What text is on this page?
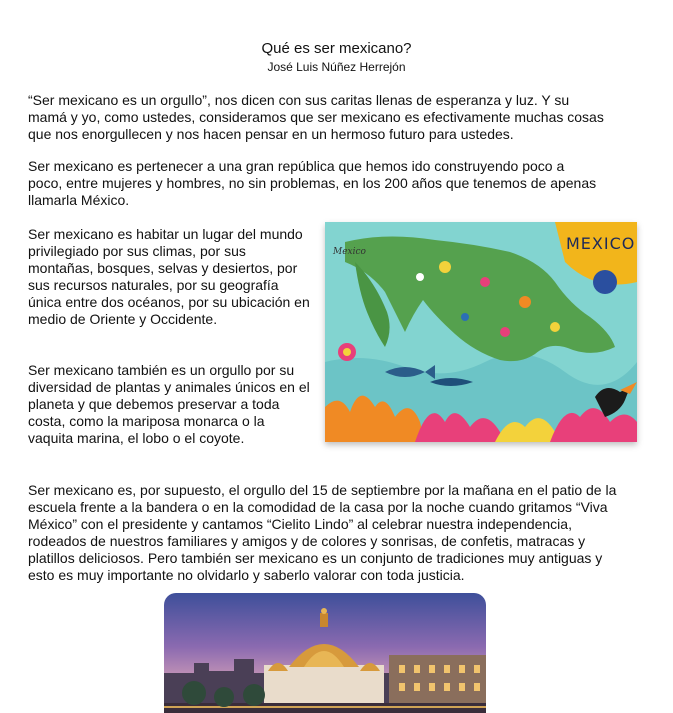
Qué es ser mexicano?
José Luis Núñez Herrejón

“Ser mexicano es un orgullo”, nos dicen con sus caritas llenas de esperanza y luz. Y su mamá y yo, como ustedes, consideramos que ser mexicano es efectivamente muchas cosas que nos enorgullecen y nos hacen pensar en un hermoso futuro para ustedes.

Ser mexicano es pertenecer a una gran república que hemos ido construyendo poco a poco, entre mujeres y hombres, no sin problemas, en los 200 años que tenemos de apenas llamarla México.

Ser mexicano es habitar un lugar del mundo privilegiado por sus climas, por sus montañas, bosques, selvas y desiertos, por sus recursos naturales, por su geografía única entre dos océanos, por su ubicación en medio de Oriente y Occidente.

Ser mexicano también es un orgullo por su diversidad de plantas y animales únicos en el planeta y que debemos preservar a toda costa, como la mariposa monarca o la vaquita marina, el lobo o el coyote.

Ser mexicano es, por supuesto, el orgullo del 15 de septiembre por la mañana en el patio de la escuela frente a la bandera o en la comodidad de la casa por la noche cuando gritamos “Viva México” con el presidente y cantamos “Cielito Lindo” al celebrar nuestra independencia, rodeados de nuestros familiares y amigos y de colores y sonrisas, de confetis, matracas y platillos deliciosos. Pero también ser mexicano es un conjunto de tradiciones muy antiguas y esto es muy importante no olvidarlo y saberlo valorar con toda justicia.

MEXICO
Mexico
